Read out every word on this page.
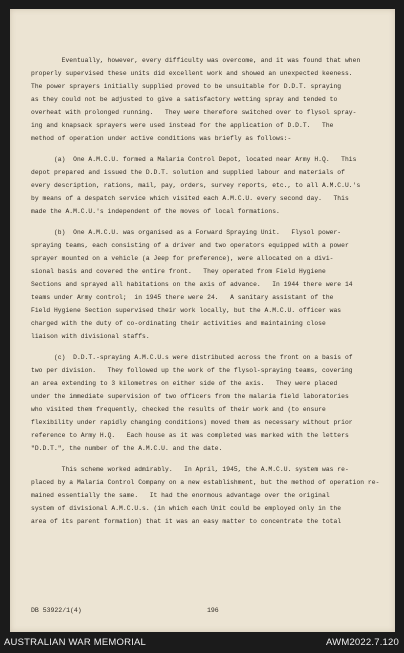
Eventually, however, every difficulty was overcome, and it was found that when
properly supervised these units did excellent work and showed an unexpected keeness.
The power sprayers initially supplied proved to be unsuitable for D.D.T. spraying
as they could not be adjusted to give a satisfactory wetting spray and tended to
overheat with prolonged running.   They were therefore switched over to flysol spray-
ing and knapsack sprayers were used instead for the application of D.D.T.   The
method of operation under active conditions was briefly as follows:-
(a)  One A.M.C.U. formed a Malaria Control Depot, located near Army H.Q.   This
depot prepared and issued the D.D.T. solution and supplied labour and materials of
every description, rations, mail, pay, orders, survey reports, etc., to all A.M.C.U.'s
by means of a despatch service which visited each A.M.C.U. every second day.   This
made the A.M.C.U.'s independent of the moves of local formations.
(b)  One A.M.C.U. was organised as a Forward Spraying Unit.   Flysol power-
spraying teams, each consisting of a driver and two operators equipped with a power
sprayer mounted on a vehicle (a Jeep for preference), were allocated on a divi-
sional basis and covered the entire front.   They operated from Field Hygiene
Sections and sprayed all habitations on the axis of advance.   In 1944 there were 14
teams under Army control;  in 1945 there were 24.   A sanitary assistant of the
Field Hygiene Section supervised their work locally, but the A.M.C.U. officer was
charged with the duty of co-ordinating their activities and maintaining close
liaison with divisional staffs.
(c)  D.D.T.-spraying A.M.C.U.s were distributed across the front on a basis of
two per division.   They followed up the work of the flysol-spraying teams, covering
an area extending to 3 kilometres on either side of the axis.   They were placed
under the immediate supervision of two officers from the malaria field laboratories
who visited them frequently, checked the results of their work and (to ensure
flexibility under rapidly changing conditions) moved them as necessary without prior
reference to Army H.Q.   Each house as it was completed was marked with the letters
"D.D.T.", the number of the A.M.C.U. and the date.
This scheme worked admirably.   In April, 1945, the A.M.C.U. system was re-
placed by a Malaria Control Company on a new establishment, but the method of operation re-
mained essentially the same.   It had the enormous advantage over the original
system of divisional A.M.C.U.s. (in which each Unit could be employed only in the
area of its parent formation) that it was an easy matter to concentrate the total
DB 53922/1(4)	196
AUSTRALIAN WAR MEMORIAL	AWM2022.7.120
